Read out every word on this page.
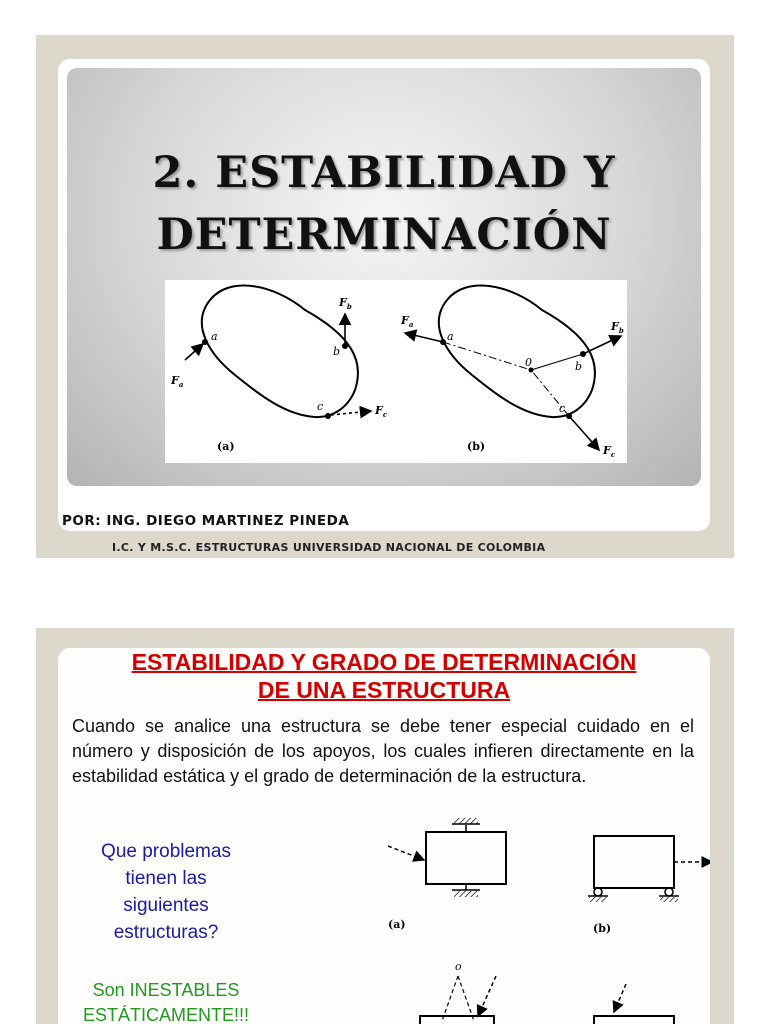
2. ESTABILIDAD Y
DETERMINACIÓN
a
b
c
$F_a$
$F_b$
$F_c$
(a)
a
b
c
0
$F_a$	$F_b$
$F_c$
(b)
POR: ING. DIEGO MARTINEZ PINEDA
I.C. Y M.S.C. ESTRUCTURAS UNIVERSIDAD NACIONAL DE COLOMBIA
ESTABILIDAD Y GRADO DE DETERMINACIÓN
DE UNA ESTRUCTURA
Cuando se analice una estructura se debe tener especial cuidado en el número y disposición de los apoyos, los cuales infieren directamente en la estabilidad estática y el grado de determinación de la estructura.
Que problemas
tienen las
siguientes
estructuras?
Son INESTABLES
ESTÁTICAMENTE!!!
(a)	(b)
o
